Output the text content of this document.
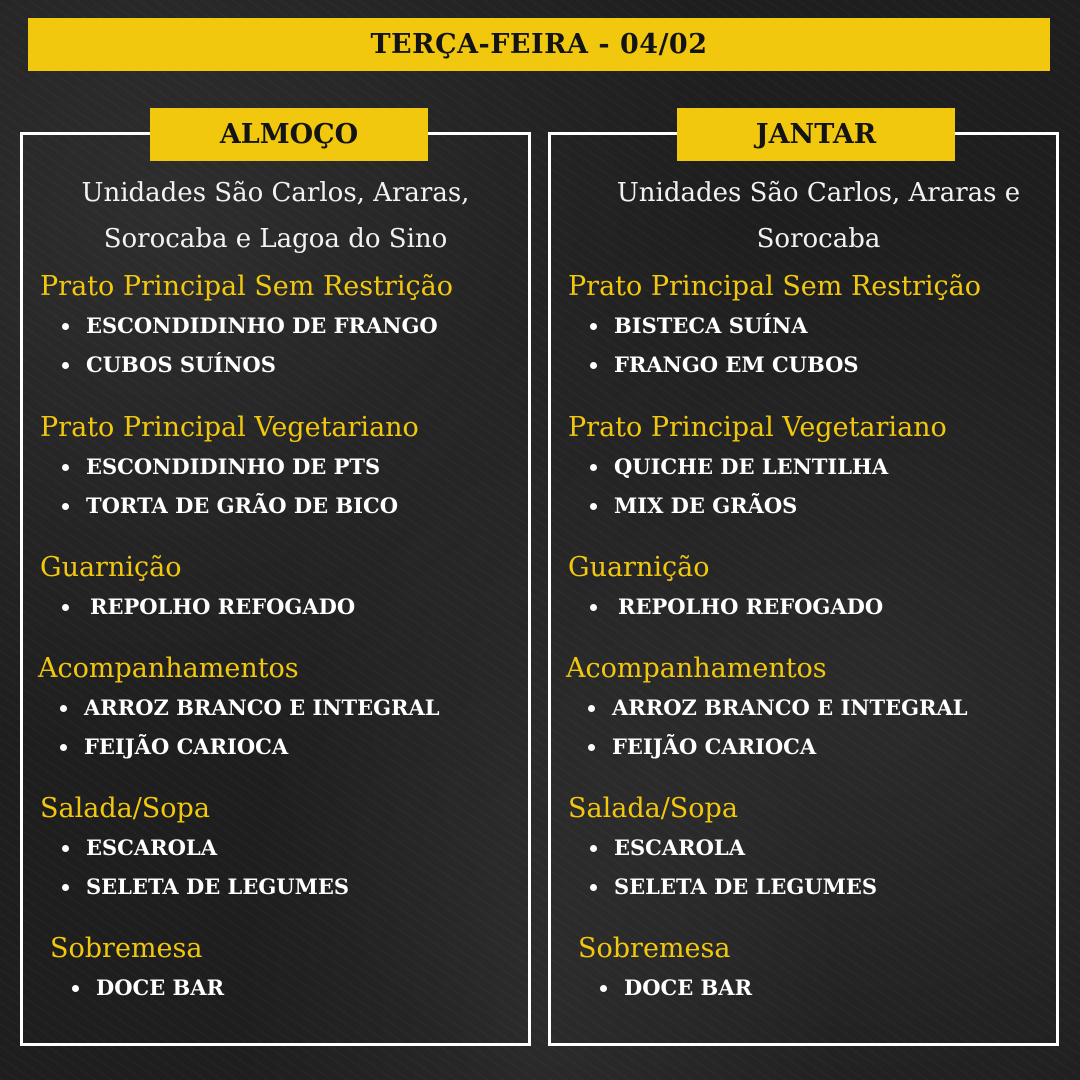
TERÇA-FEIRA - 04/02
ALMOÇO
Unidades São Carlos, Araras,
Sorocaba e Lagoa do Sino
Prato Principal Sem Restrição
ESCONDIDINHO DE FRANGO
CUBOS SUÍNOS
Prato Principal Vegetariano
ESCONDIDINHO DE PTS
TORTA DE GRÃO DE BICO
Guarnição
REPOLHO REFOGADO
Acompanhamentos
ARROZ BRANCO E INTEGRAL
FEIJÃO CARIOCA
Salada/Sopa
ESCAROLA
SELETA DE LEGUMES
Sobremesa
DOCE BAR
JANTAR
Unidades São Carlos, Araras e
Sorocaba
Prato Principal Sem Restrição
BISTECA SUÍNA
FRANGO EM CUBOS
Prato Principal Vegetariano
QUICHE DE LENTILHA
MIX DE GRÃOS
Guarnição
REPOLHO REFOGADO
Acompanhamentos
ARROZ BRANCO E INTEGRAL
FEIJÃO CARIOCA
Salada/Sopa
ESCAROLA
SELETA DE LEGUMES
Sobremesa
DOCE BAR
